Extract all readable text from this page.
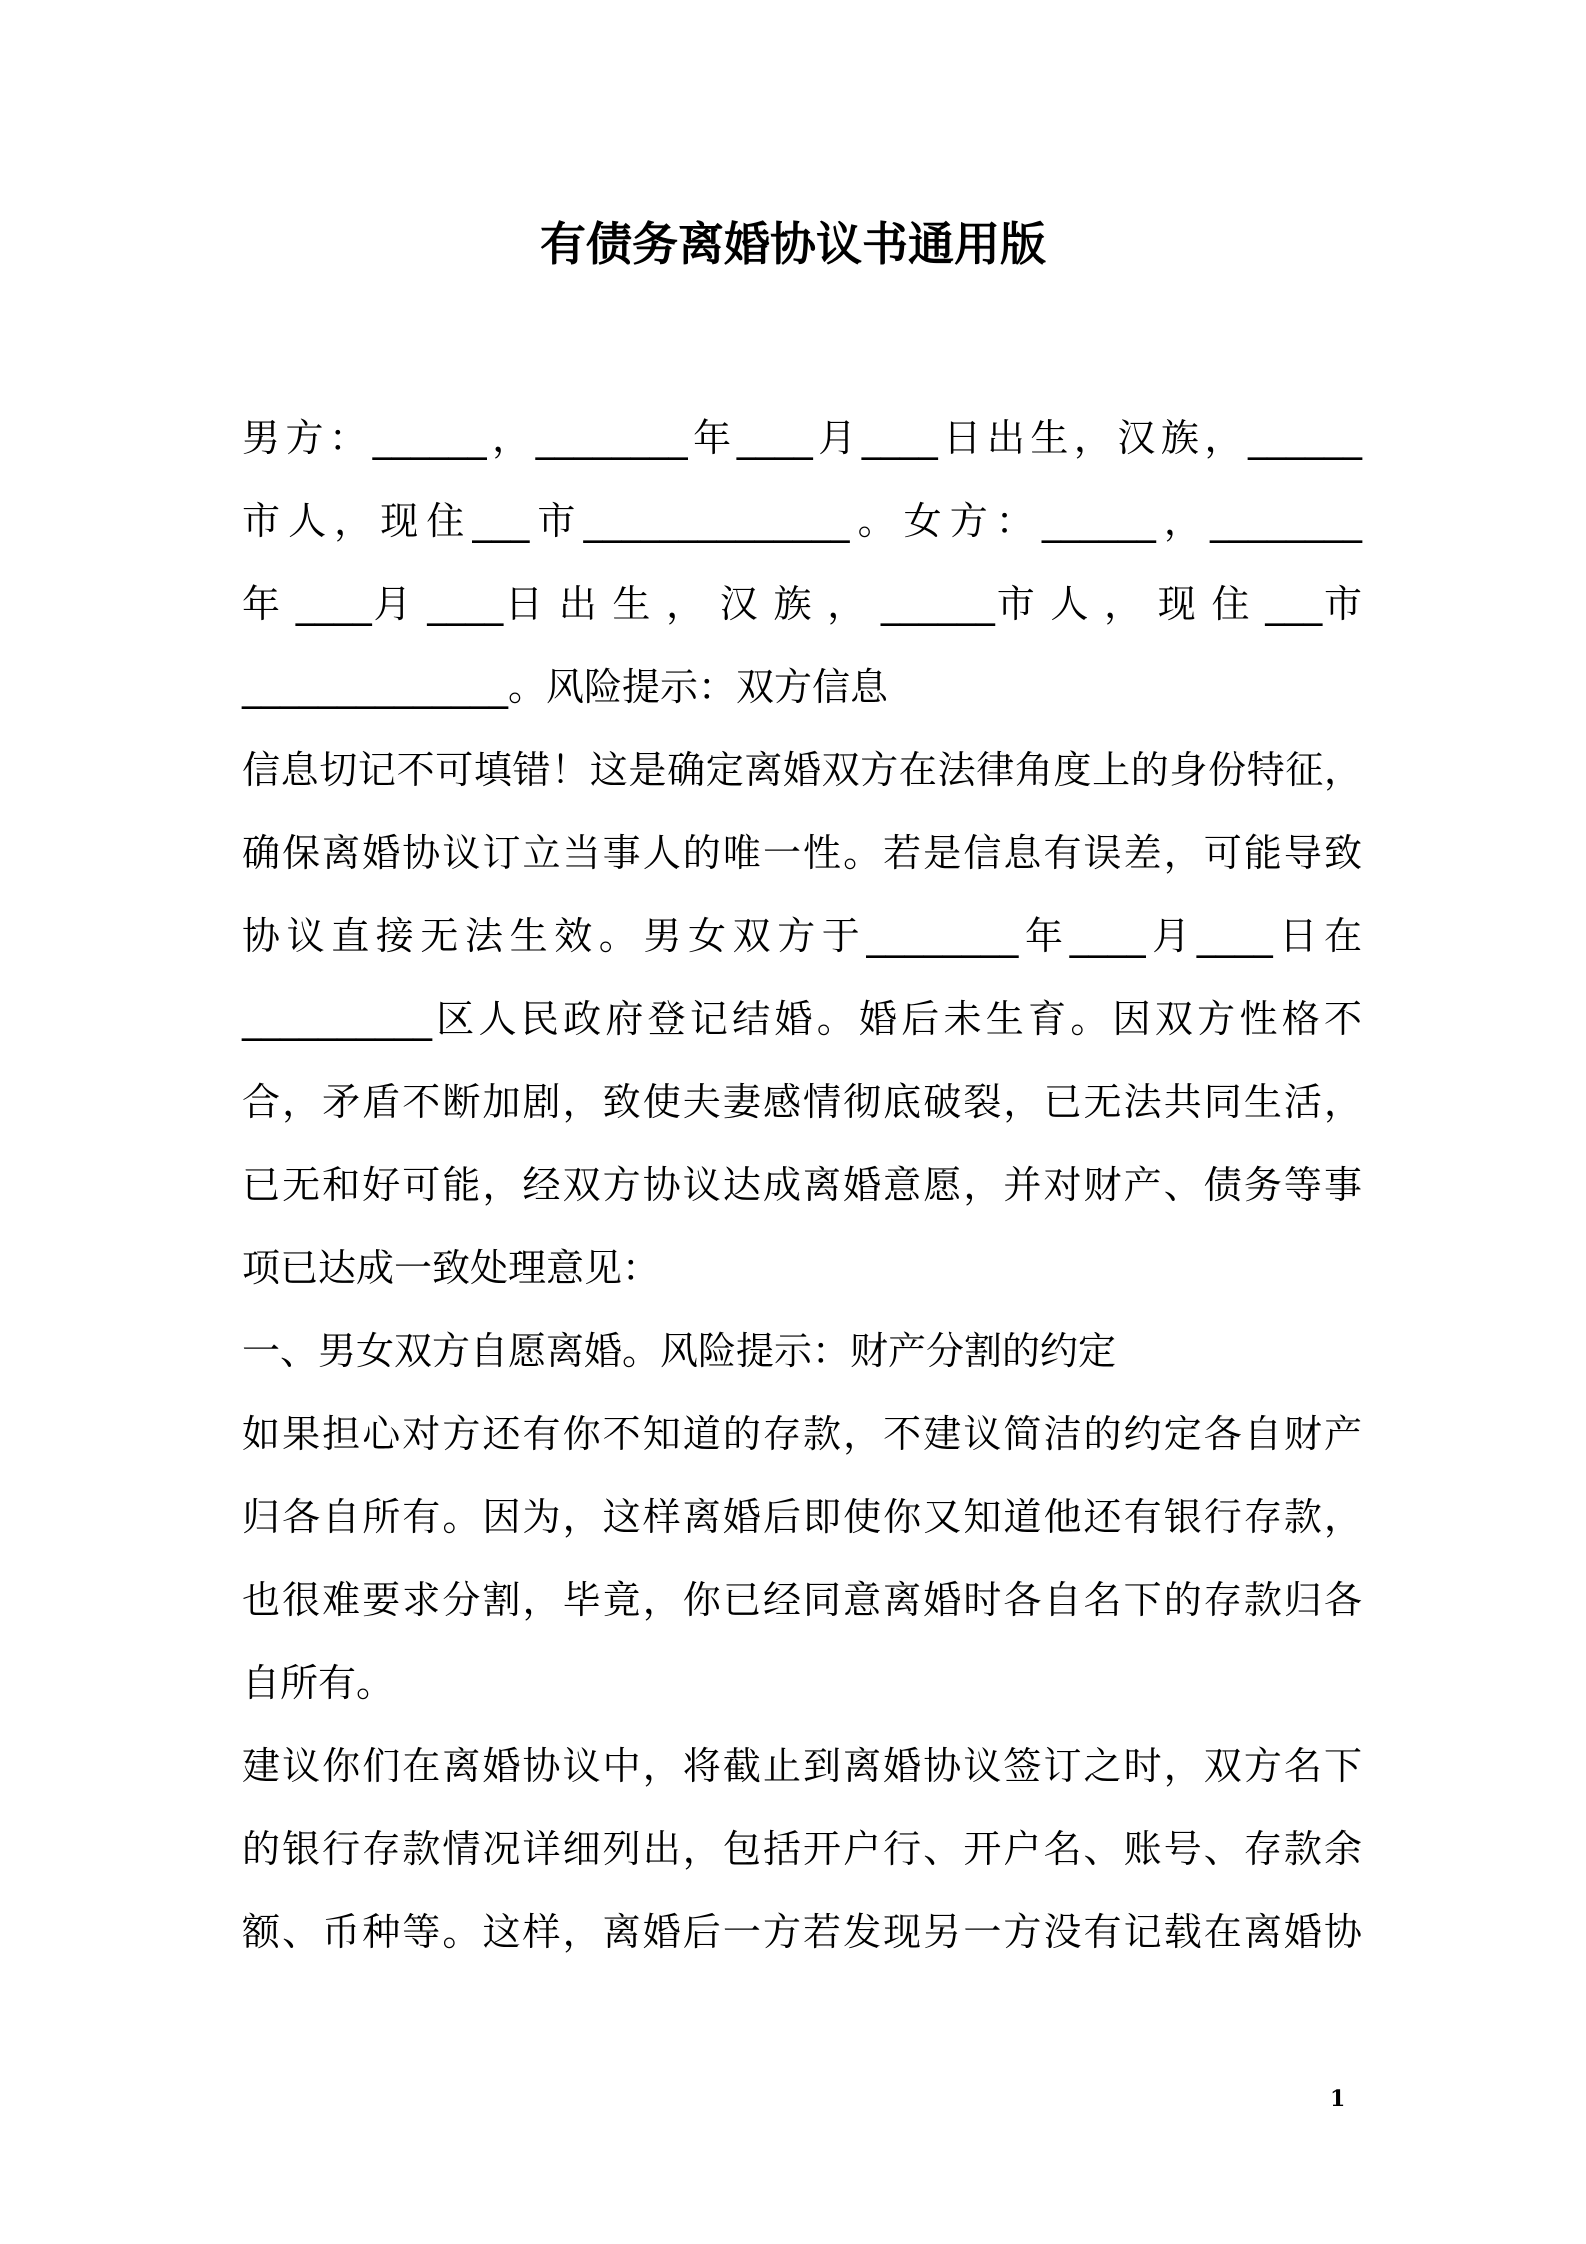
有债务离婚协议书通用版
男方：______，________年____月____日出生，汉族，______
市人，现住___市______________。女方：______，________
年 ____月 ____日 出 生 ， 汉 族 ， ______市 人 ， 现 住 ___市
______________。风险提示：双方信息
信息切记不可填错！这是确定离婚双方在法律角度上的身份特征，
确保离婚协议订立当事人的唯一性。若是信息有误差，可能导致
协议直接无法生效。男女双方于________年____月____日在
__________区人民政府登记结婚。婚后未生育。因双方性格不
合，矛盾不断加剧，致使夫妻感情彻底破裂，已无法共同生活，
已无和好可能，经双方协议达成离婚意愿，并对财产、债务等事
项已达成一致处理意见：
一、男女双方自愿离婚。风险提示：财产分割的约定
如果担心对方还有你不知道的存款，不建议简洁的约定各自财产
归各自所有。因为，这样离婚后即使你又知道他还有银行存款，
也很难要求分割，毕竟，你已经同意离婚时各自名下的存款归各
自所有。
建议你们在离婚协议中，将截止到离婚协议签订之时，双方名下
的银行存款情况详细列出，包括开户行、开户名、账号、存款余
额、币种等。这样，离婚后一方若发现另一方没有记载在离婚协
1
